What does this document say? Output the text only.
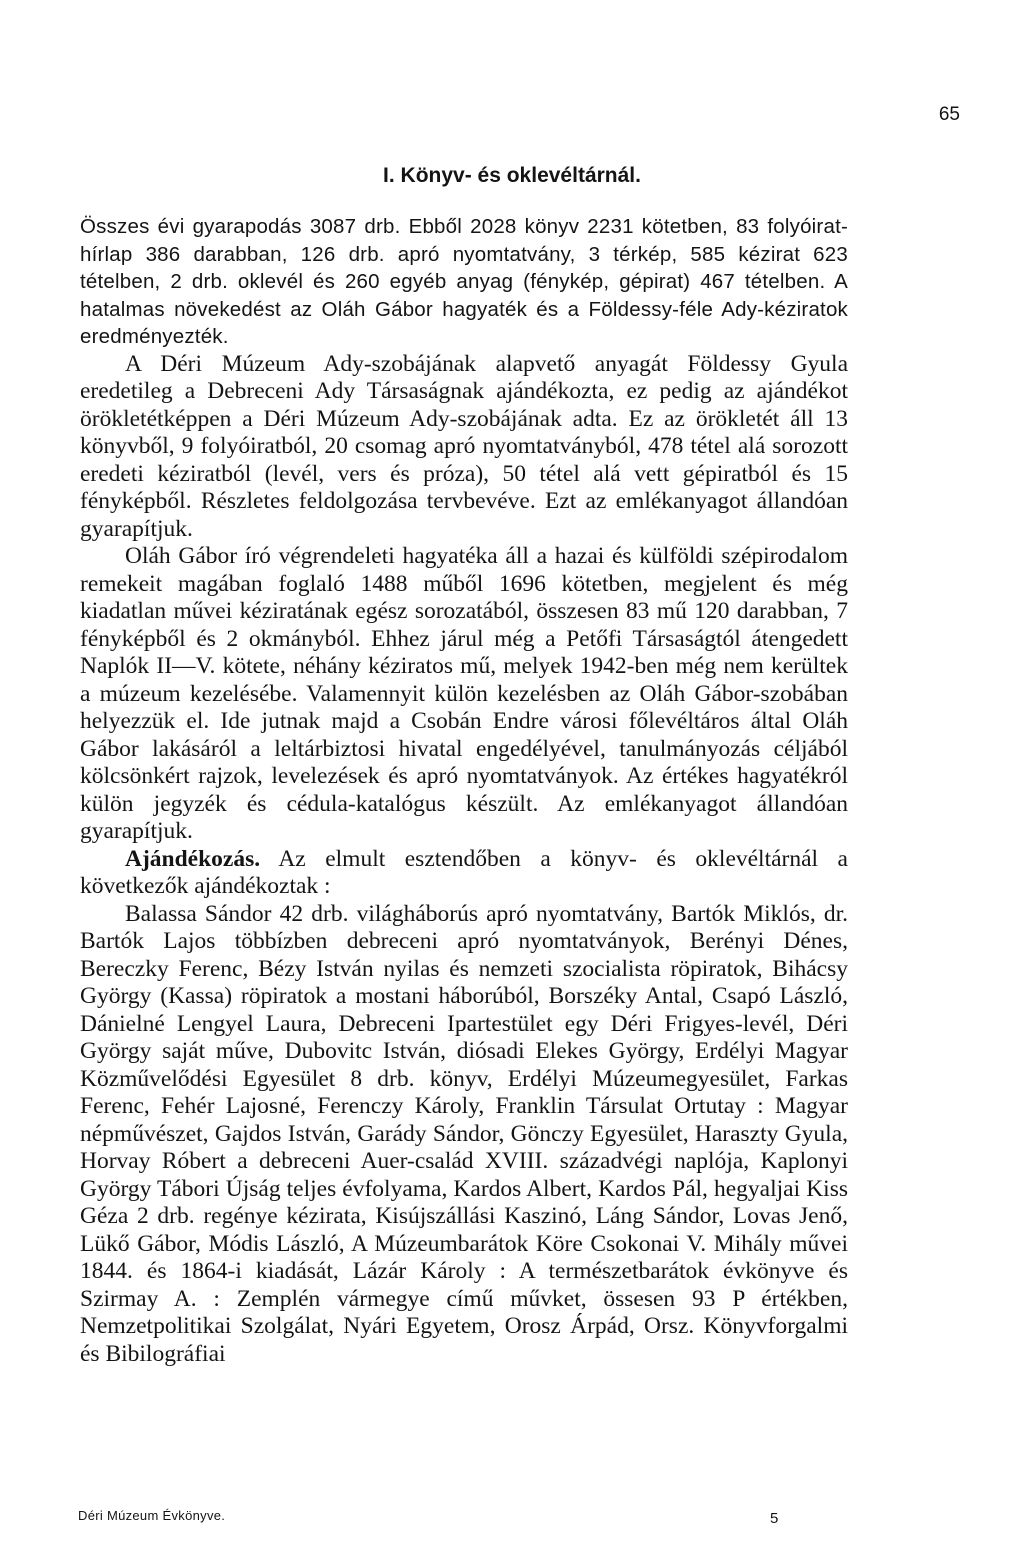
65
I. Könyv- és oklevéltárnál.

Összes évi gyarapodás 3087 drb. Ebből 2028 könyv 2231 kötetben, 83 folyóirat-hírlap 386 darabban, 126 drb. apró nyomtatvány, 3 térkép, 585 kézirat 623 tételben, 2 drb. oklevél és 260 egyéb anyag (fénykép, gépirat) 467 tételben. A hatalmas növekedést az Oláh Gábor hagyaték és a Földessy-féle Ady-kéziratok eredményezték.

A Déri Múzeum Ady-szobájának alapvető anyagát Földessy Gyula eredetileg a Debreceni Ady Társaságnak ajándékozta, ez pedig az ajándékot örökletétképpen a Déri Múzeum Ady-szobájának adta. Ez az örökletét áll 13 könyvből, 9 folyóiratból, 20 csomag apró nyomtatványból, 478 tétel alá sorozott eredeti kéziratból (levél, vers és próza), 50 tétel alá vett gépiratból és 15 fényképből. Részletes feldolgozása tervbevéve. Ezt az emlékanyagot állandóan gyarapítjuk.

Oláh Gábor író végrendeleti hagyatéka áll a hazai és külföldi szépirodalom remekeit magában foglaló 1488 műből 1696 kötetben, megjelent és még kiadatlan művei kéziratának egész sorozatából, összesen 83 mű 120 darabban, 7 fényképből és 2 okmányból. Ehhez járul még a Petőfi Társaságtól átengedett Naplók II—V. kötete, néhány kéziratos mű, melyek 1942-ben még nem kerültek a múzeum kezelésébe. Valamennyit külön kezelésben az Oláh Gábor-szobában helyezzük el. Ide jutnak majd a Csobán Endre városi főlevéltáros által Oláh Gábor lakásáról a leltárbiztosi hivatal engedélyével, tanulmányozás céljából kölcsönkért rajzok, levelezések és apró nyomtatványok. Az értékes hagyatékról külön jegyzék és cédula-katalógus készült. Az emlékanyagot állandóan gyarapítjuk.

Ajándékozás. Az elmult esztendőben a könyv- és oklevéltárnál a következők ajándékoztak :

Balassa Sándor 42 drb. világháborús apró nyomtatvány, Bartók Miklós, dr. Bartók Lajos többízben debreceni apró nyomtatványok, Berényi Dénes, Bereczky Ferenc, Bézy István nyilas és nemzeti szocialista röpiratok, Bihácsy György (Kassa) röpiratok a mostani háborúból, Borszéky Antal, Csapó László, Dánielné Lengyel Laura, Debreceni Ipartestület egy Déri Frigyes-levél, Déri György saját műve, Dubovitc István, diósadi Elekes György, Erdélyi Magyar Közművelődési Egyesület 8 drb. könyv, Erdélyi Múzeumegyesület, Farkas Ferenc, Fehér Lajosné, Ferenczy Károly, Franklin Társulat Ortutay : Magyar népművészet, Gajdos István, Garády Sándor, Gönczy Egyesület, Haraszty Gyula, Horvay Róbert a debreceni Auer-család XVIII. századvégi naplója, Kaplonyi György Tábori Újság teljes évfolyama, Kardos Albert, Kardos Pál, hegyaljai Kiss Géza 2 drb. regénye kézirata, Kisújszállási Kaszinó, Láng Sándor, Lovas Jenő, Lükő Gábor, Módis László, A Múzeumbarátok Köre Csokonai V. Mihály művei 1844. és 1864-i kiadását, Lázár Károly : A természetbarátok évkönyve és Szirmay A. : Zemplén vármegye című művket, össesen 93 P értékben, Nemzetpolitikai Szolgálat, Nyári Egyetem, Orosz Árpád, Orsz. Könyvforgalmi és Bibilográfiai

Déri Múzeum Évkönyve.	5
